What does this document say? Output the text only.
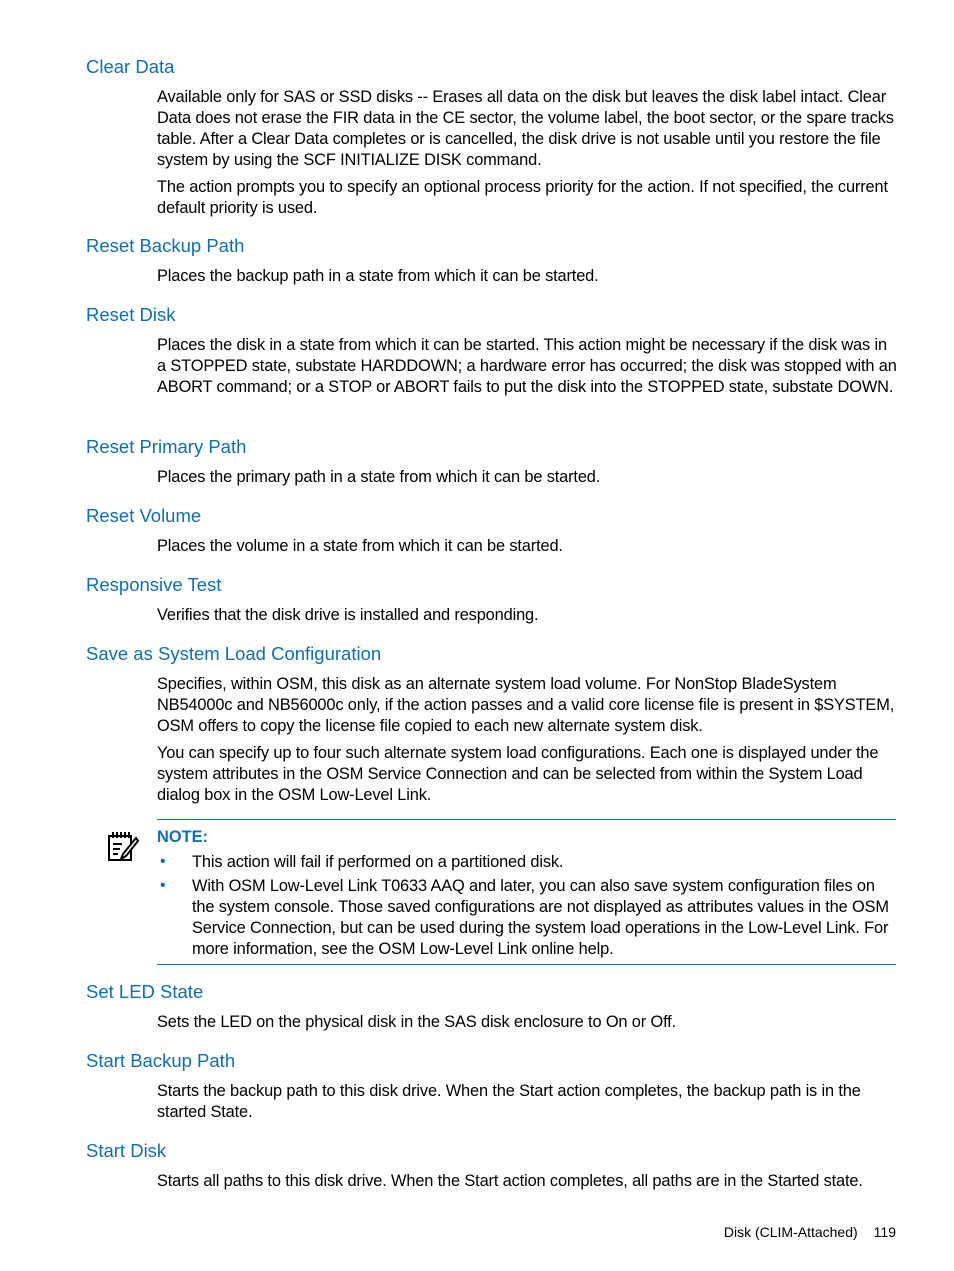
Clear Data
Available only for SAS or SSD disks -- Erases all data on the disk but leaves the disk label intact. Clear Data does not erase the FIR data in the CE sector, the volume label, the boot sector, or the spare tracks table. After a Clear Data completes or is cancelled, the disk drive is not usable until you restore the file system by using the SCF INITIALIZE DISK command.
The action prompts you to specify an optional process priority for the action. If not specified, the current default priority is used.
Reset Backup Path
Places the backup path in a state from which it can be started.
Reset Disk
Places the disk in a state from which it can be started. This action might be necessary if the disk was in a STOPPED state, substate HARDDOWN; a hardware error has occurred; the disk was stopped with an ABORT command; or a STOP or ABORT fails to put the disk into the STOPPED state, substate DOWN.
Reset Primary Path
Places the primary path in a state from which it can be started.
Reset Volume
Places the volume in a state from which it can be started.
Responsive Test
Verifies that the disk drive is installed and responding.
Save as System Load Configuration
Specifies, within OSM, this disk as an alternate system load volume. For NonStop BladeSystem NB54000c and NB56000c only, if the action passes and a valid core license file is present in $SYSTEM, OSM offers to copy the license file copied to each new alternate system disk.
You can specify up to four such alternate system load configurations. Each one is displayed under the system attributes in the OSM Service Connection and can be selected from within the System Load dialog box in the OSM Low-Level Link.
NOTE:
• This action will fail if performed on a partitioned disk.
• With OSM Low-Level Link T0633 AAQ and later, you can also save system configuration files on the system console. Those saved configurations are not displayed as attributes values in the OSM Service Connection, but can be used during the system load operations in the Low-Level Link. For more information, see the OSM Low-Level Link online help.
Set LED State
Sets the LED on the physical disk in the SAS disk enclosure to On or Off.
Start Backup Path
Starts the backup path to this disk drive. When the Start action completes, the backup path is in the started State.
Start Disk
Starts all paths to this disk drive. When the Start action completes, all paths are in the Started state.
Disk (CLIM-Attached) 119
